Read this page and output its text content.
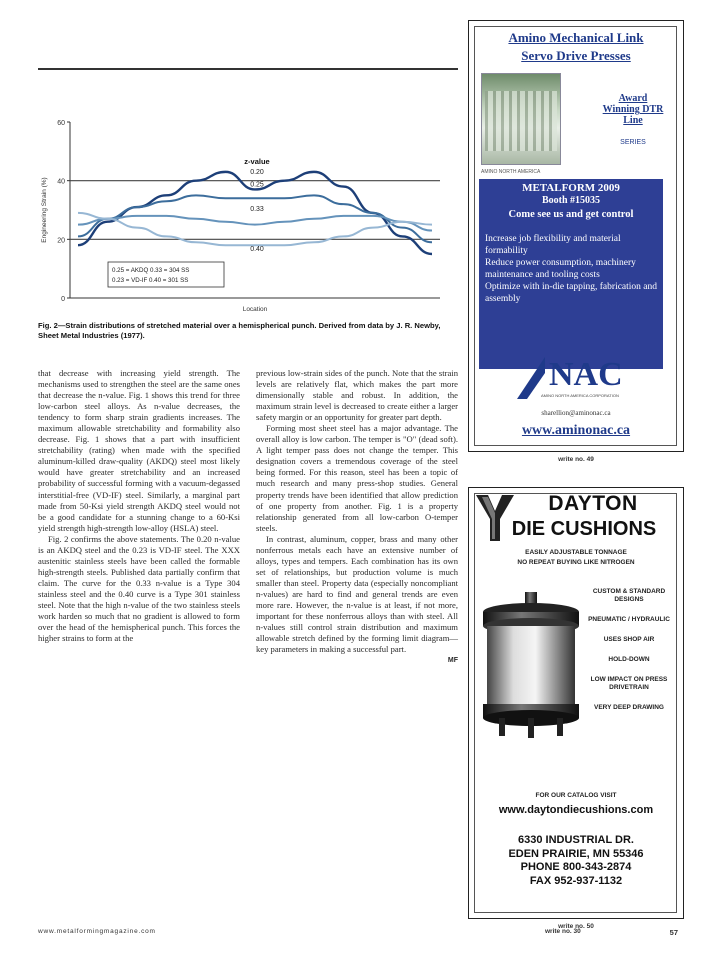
0
20
40
60
0.20
0.25
0.33
0.40
z-value
Location
Engineering Strain (%)
0.25 = AKDQ 0.33 = 304 SS
0.23 = VD-IF 0.40 = 301 SS
Fig. 2—Strain distributions of stretched material over a hemispherical punch. Derived from data by J. R. Newby, Sheet Metal Industries (1977).

that decrease with increasing yield strength. The mechanisms used to strengthen the steel are the same ones that decrease the n-value. Fig. 1 shows this trend for three low-carbon steel alloys. As n-value decreases, the tendency to form sharp strain gradients increases. The maximum allowable stretchability and formability also decrease. Fig. 1 shows that a part with insufficient stretchability (rating) when made with the specified aluminum-killed draw-quality (AKDQ) steel most likely would have greater stretchability and an increased probability of successful forming with a vacuum-degassed interstitial-free (VD-IF) steel. Similarly, a marginal part made from 50-Ksi yield strength AKDQ steel would not be a good candidate for a stunning change to a 60-Ksi yield strength high-strength low-alloy (HSLA) steel.

Fig. 2 confirms the above statements. The 0.20 n-value is an AKDQ steel and the 0.23 is VD-IF steel. The XXX austenitic stainless steels have been called the formable high-strength steels. Published data partially confirm that claim. The curve for the 0.33 n-value is a Type 304 stainless steel and the 0.40 curve is a Type 301 stainless steel. Note that the high n-value of the two stainless steels work harden so much that no gradient is allowed to form over the head of the hemispherical punch. This forces the higher strains to form at the

previous low-strain sides of the punch. Note that the strain levels are relatively flat, which makes the part more dimensionally stable and robust. In addition, the maximum strain level is decreased to create either a larger safety margin or an opportunity for greater part depth.

Forming most sheet steel has a major advantage. The overall alloy is low carbon. The temper is "O" (dead soft). A light temper pass does not change the temper. This designation covers a tremendous coverage of the steel being formed. For this reason, steel has been a topic of much research and many press-shop studies. General property trends have been identified that allow prediction of one property from another. Fig. 1 is a property relationship generated from all low-carbon O-temper steels.

In contrast, aluminum, copper, brass and many other nonferrous metals each have an extensive number of alloys, types and tempers. Each combination has its own set of relationships, but production volume is much smaller than steel. Property data (especially noncompliant n-values) are hard to find and general trends are even more rare. However, the n-value is at least, if not more, important for these nonferrous alloys than with steel. All n-values still control strain distribution and maximum allowable stretch defined by the forming limit diagram—key parameters in making a successful part.

MF
www.metalformingmagazine.com	write no. 30	57
Amino Mechanical Link
Servo Drive Presses
Award Winning DTR Line
SERIES
AMINO NORTH AMERICA
METALFORM 2009
Booth #15035
Come see us and get control
Increase job flexibility and material formability
Reduce power consumption, machinery maintenance and tooling costs
Optimize with in-die tapping, fabrication and assembly
NAC
AMINO NORTH AMERICA CORPORATION
sharellion@aminonac.ca
www.aminonac.ca
write no. 49
DAYTON
DIE CUSHIONS
EASILY ADJUSTABLE TONNAGE
NO REPEAT BUYING LIKE NITROGEN
CUSTOM & STANDARD DESIGNS
PNEUMATIC / HYDRAULIC
USES SHOP AIR
HOLD-DOWN
LOW IMPACT ON PRESS DRIVETRAIN
VERY DEEP DRAWING
FOR OUR CATALOG VISIT
www.daytondiecushions.com
6330 INDUSTRIAL DR.
EDEN PRAIRIE, MN 55346
PHONE 800-343-2874
FAX 952-937-1132
write no. 50
